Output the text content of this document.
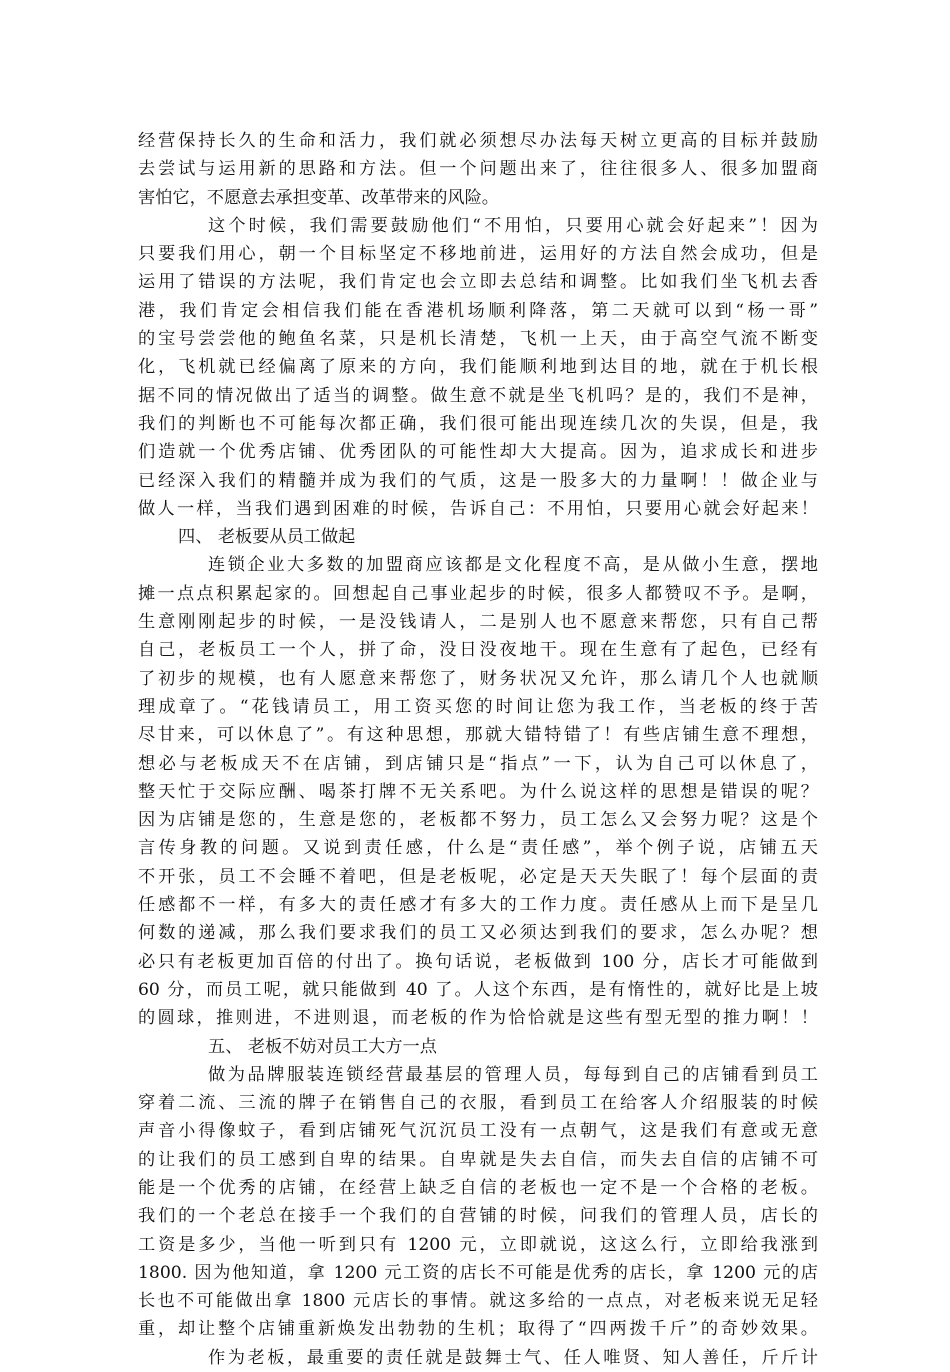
经营保持长久的生命和活力，我们就必须想尽办法每天树立更高的目标并鼓励
去尝试与运用新的思路和方法。但一个问题出来了，往往很多人、很多加盟商
害怕它，不愿意去承担变革、改革带来的风险。
这个时候，我们需要鼓励他们“不用怕，只要用心就会好起来”！因为
只要我们用心，朝一个目标坚定不移地前进，运用好的方法自然会成功，但是
运用了错误的方法呢，我们肯定也会立即去总结和调整。比如我们坐飞机去香
港，我们肯定会相信我们能在香港机场顺利降落，第二天就可以到“杨一哥”
的宝号尝尝他的鲍鱼名菜，只是机长清楚，飞机一上天，由于高空气流不断变
化，飞机就已经偏离了原来的方向，我们能顺利地到达目的地，就在于机长根
据不同的情况做出了适当的调整。做生意不就是坐飞机吗？是的，我们不是神，
我们的判断也不可能每次都正确，我们很可能出现连续几次的失误，但是，我
们造就一个优秀店铺、优秀团队的可能性却大大提高。因为，追求成长和进步
已经深入我们的精髓并成为我们的气质，这是一股多大的力量啊！！做企业与
做人一样，当我们遇到困难的时候，告诉自己：不用怕，只要用心就会好起来！
四、 老板要从员工做起
连锁企业大多数的加盟商应该都是文化程度不高，是从做小生意，摆地
摊一点点积累起家的。回想起自己事业起步的时候，很多人都赞叹不予。是啊，
生意刚刚起步的时候，一是没钱请人，二是别人也不愿意来帮您，只有自己帮
自己，老板员工一个人，拼了命，没日没夜地干。现在生意有了起色，已经有
了初步的规模，也有人愿意来帮您了，财务状况又允许，那么请几个人也就顺
理成章了。“花钱请员工，用工资买您的时间让您为我工作，当老板的终于苦
尽甘来，可以休息了”。有这种思想，那就大错特错了！有些店铺生意不理想，
想必与老板成天不在店铺，到店铺只是“指点”一下，认为自己可以休息了，
整天忙于交际应酬、喝茶打牌不无关系吧。为什么说这样的思想是错误的呢？
因为店铺是您的，生意是您的，老板都不努力，员工怎么又会努力呢？这是个
言传身教的问题。又说到责任感，什么是“责任感”，举个例子说，店铺五天
不开张，员工不会睡不着吧，但是老板呢，必定是天天失眠了！每个层面的责
任感都不一样，有多大的责任感才有多大的工作力度。责任感从上而下是呈几
何数的递减，那么我们要求我们的员工又必须达到我们的要求，怎么办呢？想
必只有老板更加百倍的付出了。换句话说，老板做到 100 分，店长才可能做到
60 分，而员工呢，就只能做到 40 了。人这个东西，是有惰性的，就好比是上坡
的圆球，推则进，不进则退，而老板的作为恰恰就是这些有型无型的推力啊！！
五、 老板不妨对员工大方一点
做为品牌服装连锁经营最基层的管理人员，每每到自己的店铺看到员工
穿着二流、三流的牌子在销售自己的衣服，看到员工在给客人介绍服装的时候
声音小得像蚊子，看到店铺死气沉沉员工没有一点朝气，这是我们有意或无意
的让我们的员工感到自卑的结果。自卑就是失去自信，而失去自信的店铺不可
能是一个优秀的店铺，在经营上缺乏自信的老板也一定不是一个合格的老板。
我们的一个老总在接手一个我们的自营铺的时候，问我们的管理人员，店长的
工资是多少，当他一听到只有 1200 元，立即就说，这这么行，立即给我涨到
1800. 因为他知道，拿 1200 元工资的店长不可能是优秀的店长，拿 1200 元的店
长也不可能做出拿 1800 元店长的事情。就这多给的一点点，对老板来说无足轻
重，却让整个店铺重新焕发出勃勃的生机；取得了“四两拨千斤”的奇妙效果。
作为老板，最重要的责任就是鼓舞士气、任人唯贤、知人善任，斤斤计
